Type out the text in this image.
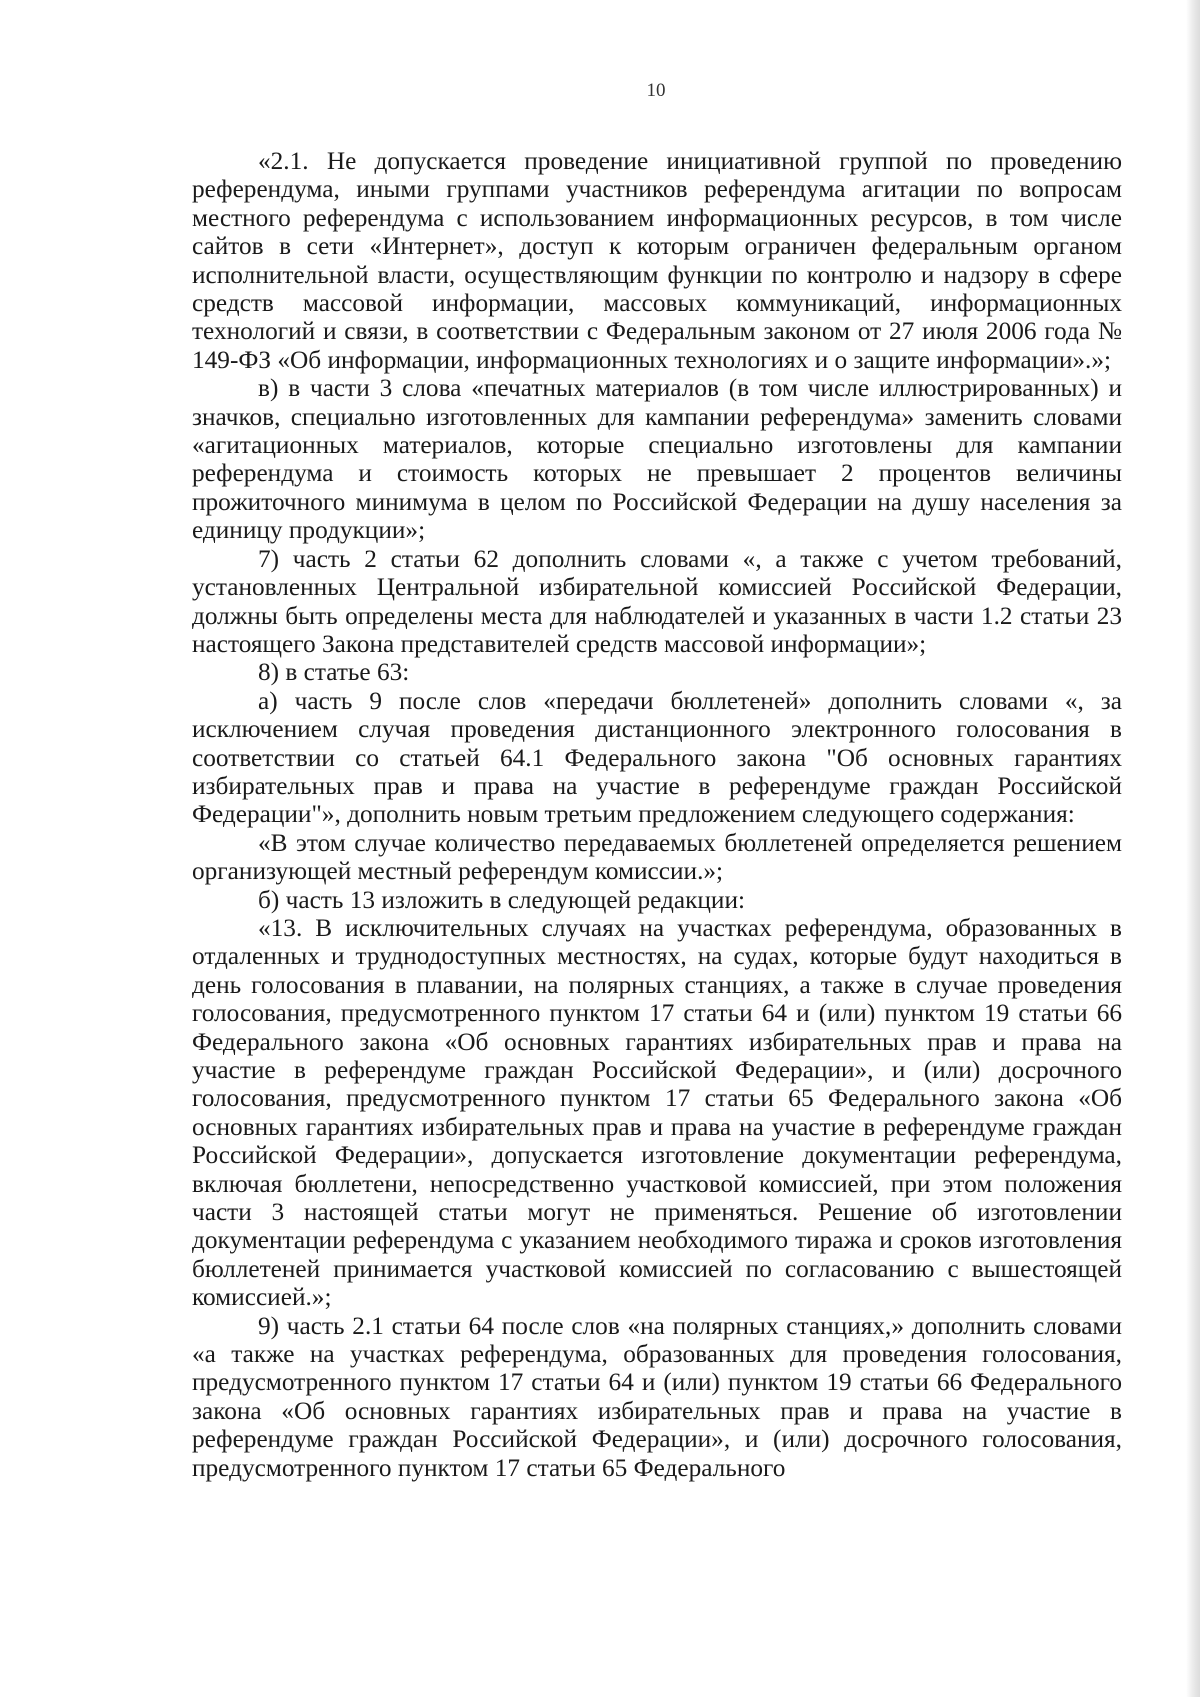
10

«2.1. Не допускается проведение инициативной группой по проведению референдума, иными группами участников референдума агитации по вопросам местного референдума с использованием информационных ресурсов, в том числе сайтов в сети «Интернет», доступ к которым ограничен федеральным органом исполнительной власти, осуществляющим функции по контролю и надзору в сфере средств массовой информации, массовых коммуникаций, информационных технологий и связи, в соответствии с Федеральным законом от 27 июля 2006 года № 149-ФЗ «Об информации, информационных технологиях и о защите информации».»;

в) в части 3 слова «печатных материалов (в том числе иллюстрированных) и значков, специально изготовленных для кампании референдума» заменить словами «агитационных материалов, которые специально изготовлены для кампании референдума и стоимость которых не превышает 2 процентов величины прожиточного минимума в целом по Российской Федерации на душу населения за единицу продукции»;

7) часть 2 статьи 62 дополнить словами «, а также с учетом требований, установленных Центральной избирательной комиссией Российской Федерации, должны быть определены места для наблюдателей и указанных в части 1.2 статьи 23 настоящего Закона представителей средств массовой информации»;

8) в статье 63:

а) часть 9 после слов «передачи бюллетеней» дополнить словами «, за исключением случая проведения дистанционного электронного голосования в соответствии со статьей 64.1 Федерального закона "Об основных гарантиях избирательных прав и права на участие в референдуме граждан Российской Федерации"», дополнить новым третьим предложением следующего содержания:

«В этом случае количество передаваемых бюллетеней определяется решением организующей местный референдум комиссии.»;

б) часть 13 изложить в следующей редакции:

«13. В исключительных случаях на участках референдума, образованных в отдаленных и труднодоступных местностях, на судах, которые будут находиться в день голосования в плавании, на полярных станциях, а также в случае проведения голосования, предусмотренного пунктом 17 статьи 64 и (или) пунктом 19 статьи 66 Федерального закона «Об основных гарантиях избирательных прав и права на участие в референдуме граждан Российской Федерации», и (или) досрочного голосования, предусмотренного пунктом 17 статьи 65 Федерального закона «Об основных гарантиях избирательных прав и права на участие в референдуме граждан Российской Федерации», допускается изготовление документации референдума, включая бюллетени, непосредственно участковой комиссией, при этом положения части 3 настоящей статьи могут не применяться. Решение об изготовлении документации референдума с указанием необходимого тиража и сроков изготовления бюллетеней принимается участковой комиссией по согласованию с вышестоящей комиссией.»;

9) часть 2.1 статьи 64 после слов «на полярных станциях,» дополнить словами «а также на участках референдума, образованных для проведения голосования, предусмотренного пунктом 17 статьи 64 и (или) пунктом 19 статьи 66 Федерального закона «Об основных гарантиях избирательных прав и права на участие в референдуме граждан Российской Федерации», и (или) досрочного голосования, предусмотренного пунктом 17 статьи 65 Федерального
